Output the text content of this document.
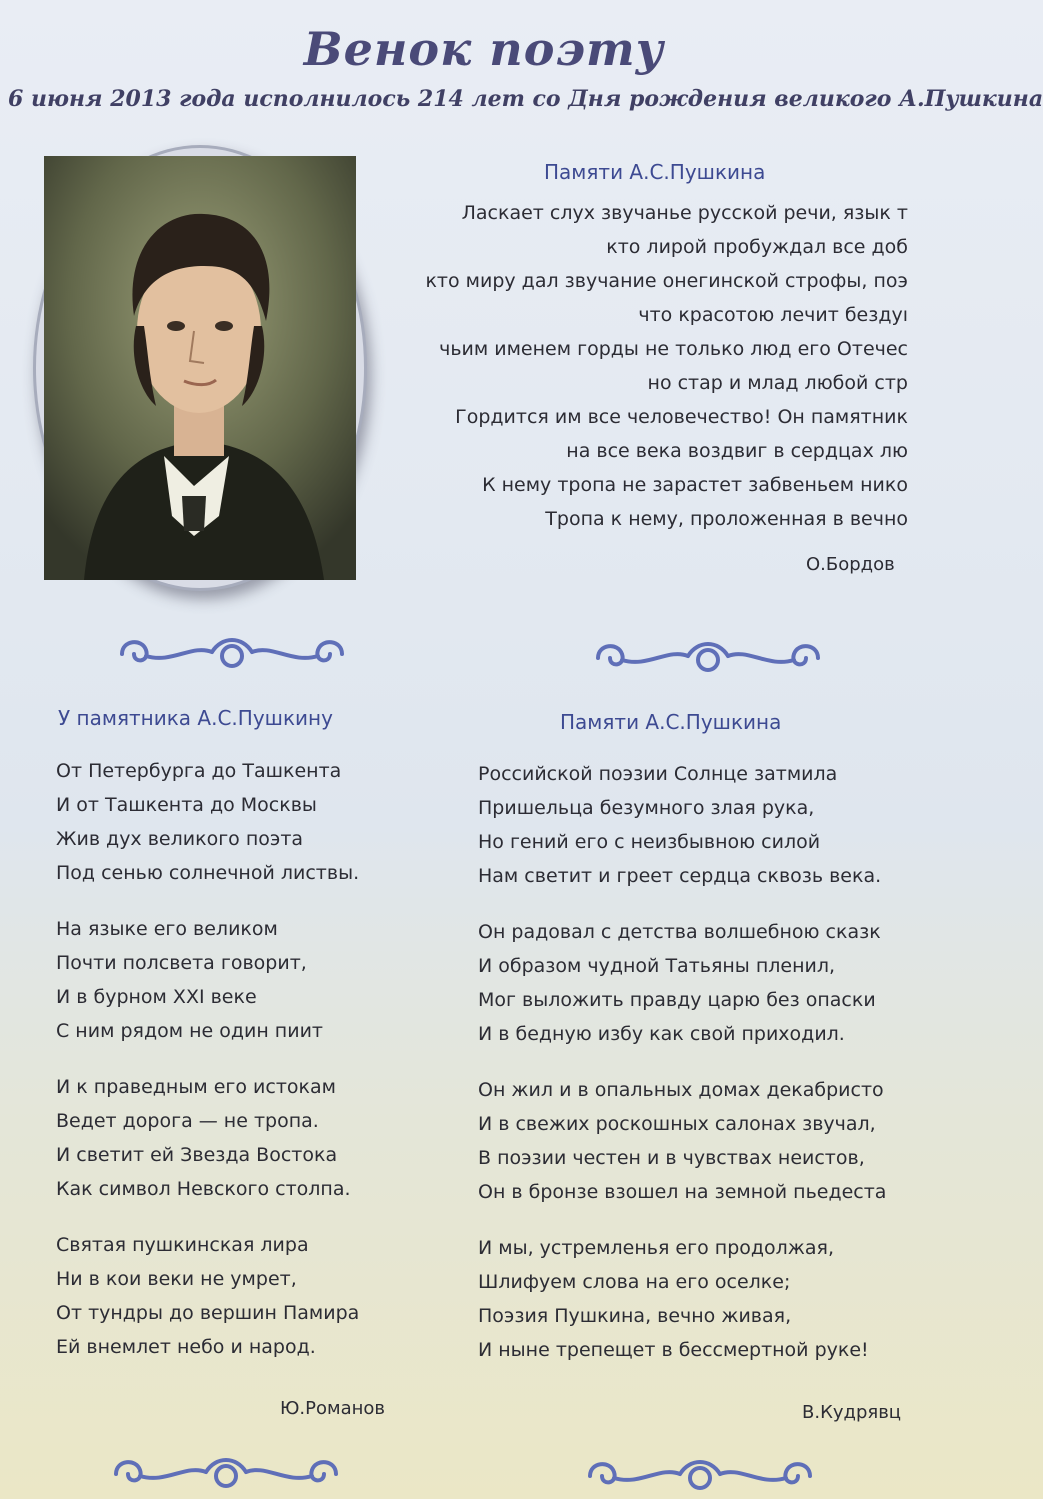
Венок поэту
6 июня 2013 года исполнилось 214 лет со Дня рождения великого А.Пушкина
Памяти А.С.Пушкина
Ласкает слух звучанье русской речи, язык т
кто лирой пробуждал все доб
кто миру дал звучание онегинской строфы, поэ
что красотою лечит бездуı
чьим именем горды не только люд его Отечес
но стар и млад любой стр
Гордится им все человечество! Он памятник
на все века воздвиг в сердцах лю
К нему тропа не зарастет забвеньем нико
Тропа к нему, проложенная в вечно
О.Бордов
У памятника А.С.Пушкину
От Петербурга до Ташкента
И от Ташкента до Москвы
Жив дух великого поэта
Под сенью солнечной листвы.
На языке его великом
Почти полсвета говорит,
И в бурном XXI веке
С ним рядом не один пиит
И к праведным его истокам
Ведет дорога — не тропа.
И светит ей Звезда Востока
Как символ Невского столпа.
Святая пушкинская лира
Ни в кои веки не умрет,
От тундры до вершин Памира
Ей внемлет небо и народ.
Ю.Романов
Памяти А.С.Пушкина
Российской поэзии Солнце затмила
Пришельца безумного злая рука,
Но гений его с неизбывною силой
Нам светит и греет сердца сквозь века.
Он радовал с детства волшебною сказк
И образом чудной Татьяны пленил,
Мог выложить правду царю без опаски
И в бедную избу как свой приходил.
Он жил и в опальных домах декабристо
И в свежих роскошных салонах звучал,
В поэзии честен и в чувствах неистов,
Он в бронзе взошел на земной пьедеста
И мы, устремленья его продолжая,
Шлифуем слова на его оселке;
Поэзия Пушкина, вечно живая,
И ныне трепещет в бессмертной руке!
В.Кудрявц
